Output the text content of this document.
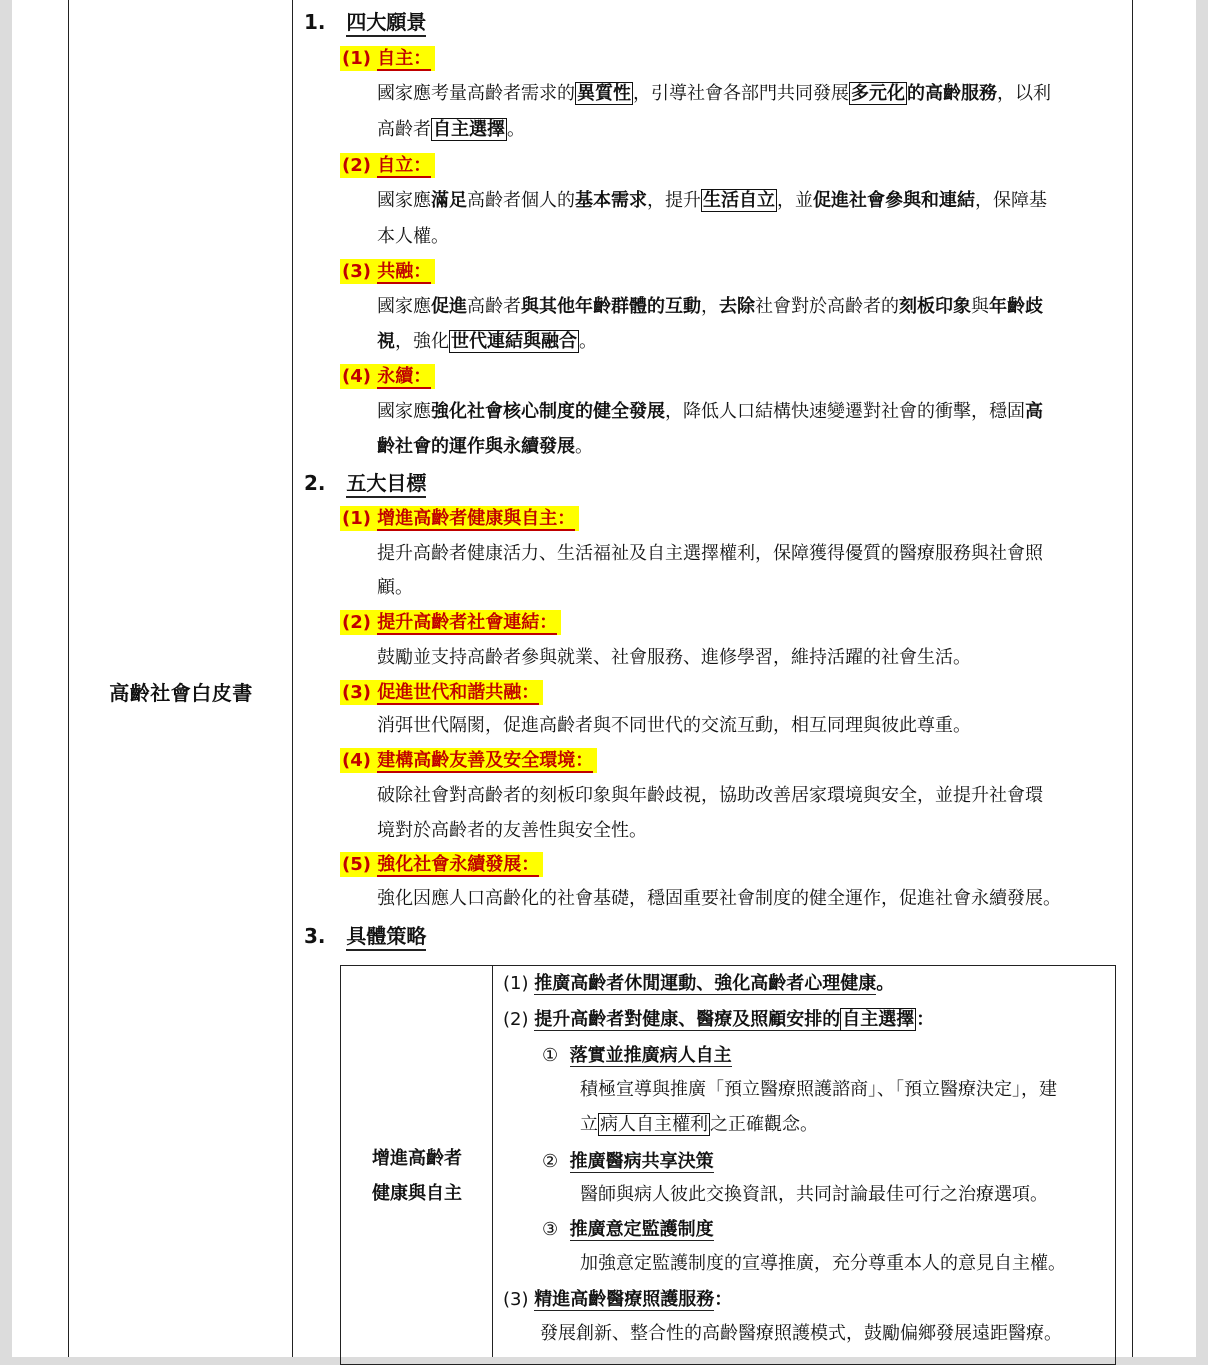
高齡社會白皮書
1. 四大願景
(1) 自主：
國家應考量高齡者需求的 異質性 ，引導社會各部門共同發展 多元化 的高齡服務，以利
高齡者 自主選擇 。
(2) 自立：
國家應滿足高齡者個人的基本需求，提升 生活自立 ，並促進社會參與和連結，保障基
本人權。
(3) 共融：
國家應促進高齡者與其他年齡群體的互動，去除社會對於高齡者的刻板印象與年齡歧
視，強化 世代連結與融合 。
(4) 永續：
國家應強化社會核心制度的健全發展，降低人口結構快速變遷對社會的衝擊，穩固高
齡社會的運作與永續發展。
2. 五大目標
(1) 增進高齡者健康與自主：
提升高齡者健康活力、生活福祉及自主選擇權利，保障獲得優質的醫療服務與社會照
顧。
(2) 提升高齡者社會連結：
鼓勵並支持高齡者參與就業、社會服務、進修學習，維持活躍的社會生活。
(3) 促進世代和諧共融：
消弭世代隔閡，促進高齡者與不同世代的交流互動，相互同理與彼此尊重。
(4) 建構高齡友善及安全環境：
破除社會對高齡者的刻板印象與年齡歧視，協助改善居家環境與安全，並提升社會環
境對於高齡者的友善性與安全性。
(5) 強化社會永續發展：
強化因應人口高齡化的社會基礎，穩固重要社會制度的健全運作，促進社會永續發展。
3. 具體策略
增進高齡者
健康與自主
(1) 推廣高齡者休閒運動、強化高齡者心理健康。
(2) 提升高齡者對健康、醫療及照顧安排的 自主選擇 ：
① 落實並推廣病人自主
積極宣導與推廣「預立醫療照護諮商」、「預立醫療決定」，建
立 病人自主權利 之正確觀念。
② 推廣醫病共享決策
醫師與病人彼此交換資訊，共同討論最佳可行之治療選項。
③ 推廣意定監護制度
加強意定監護制度的宣導推廣，充分尊重本人的意見自主權。
(3) 精進高齡醫療照護服務：
發展創新、整合性的高齡醫療照護模式，鼓勵偏鄉發展遠距醫療。
